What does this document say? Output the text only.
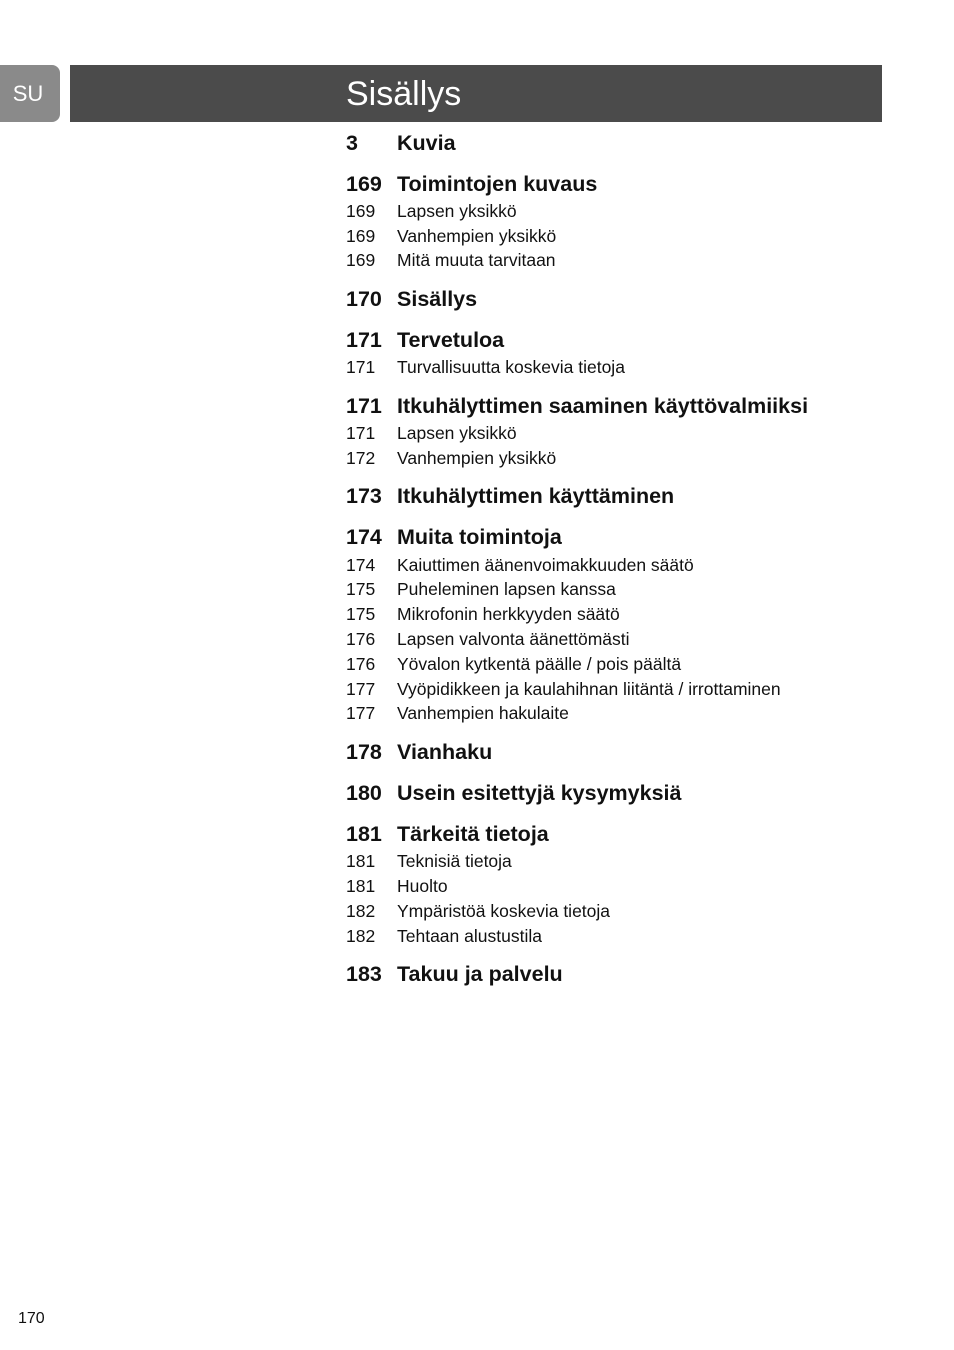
SU	Sisällys
3	Kuvia
169 Toimintojen kuvaus
169	Lapsen yksikkö
169	Vanhempien yksikkö
169	Mitä muuta tarvitaan
170 Sisällys
171 Tervetuloa
171	Turvallisuutta koskevia tietoja
171 Itkuhälyttimen saaminen käyttövalmiiksi
171	Lapsen yksikkö
172	Vanhempien yksikkö
173 Itkuhälyttimen käyttäminen
174 Muita toimintoja
174	Kaiuttimen äänenvoimakkuuden säätö
175	Puheleminen lapsen kanssa
175	Mikrofonin herkkyyden säätö
176	Lapsen valvonta äänettömästi
176	Yövalon kytkentä päälle / pois päältä
177	Vyöpidikkeen ja kaulahihnan liitäntä / irrottaminen
177	Vanhempien hakulaite
178 Vianhaku
180 Usein esitettyjä kysymyksiä
181 Tärkeitä tietoja
181	Teknisiä tietoja
181	Huolto
182	Ympäristöä koskevia tietoja
182	Tehtaan alustustila
183 Takuu ja palvelu
170
